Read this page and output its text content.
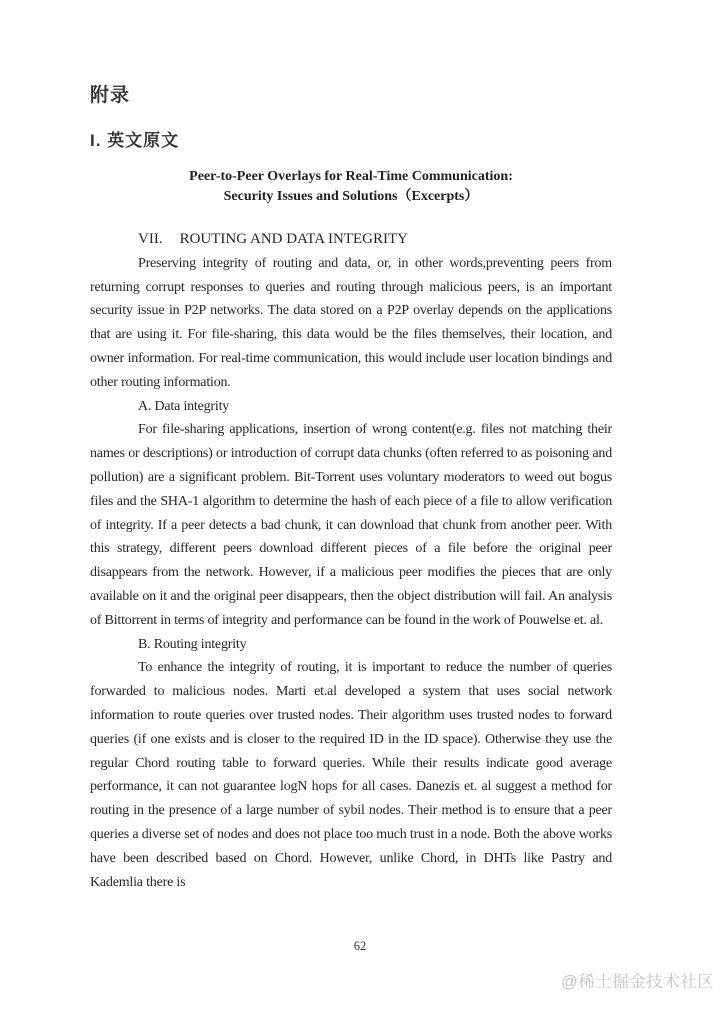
附录
I. 英文原文
Peer-to-Peer Overlays for Real-Time Communication:
Security Issues and Solutions（Excerpts）
VII. ROUTING AND DATA INTEGRITY

Preserving integrity of routing and data, or, in other words,preventing peers from returning corrupt responses to queries and routing through malicious peers, is an important security issue in P2P networks. The data stored on a P2P overlay depends on the applications that are using it. For file-sharing, this data would be the files themselves, their location, and owner information. For real-time communication, this would include user location bindings and other routing information.

A. Data integrity

For file-sharing applications, insertion of wrong content(e.g. files not matching their names or descriptions) or introduction of corrupt data chunks (often referred to as poisoning and pollution) are a significant problem. Bit-Torrent uses voluntary moderators to weed out bogus files and the SHA-1 algorithm to determine the hash of each piece of a file to allow verification of integrity. If a peer detects a bad chunk, it can download that chunk from another peer. With this strategy, different peers download different pieces of a file before the original peer disappears from the network. However, if a malicious peer modifies the pieces that are only available on it and the original peer disappears, then the object distribution will fail. An analysis of Bittorrent in terms of integrity and performance can be found in the work of Pouwelse et. al.

B. Routing integrity

To enhance the integrity of routing, it is important to reduce the number of queries forwarded to malicious nodes. Marti et.al developed a system that uses social network information to route queries over trusted nodes. Their algorithm uses trusted nodes to forward queries (if one exists and is closer to the required ID in the ID space). Otherwise they use the regular Chord routing table to forward queries. While their results indicate good average performance, it can not guarantee logN hops for all cases. Danezis et. al suggest a method for routing in the presence of a large number of sybil nodes. Their method is to ensure that a peer queries a diverse set of nodes and does not place too much trust in a node. Both the above works have been described based on Chord. However, unlike Chord, in DHTs like Pastry and Kademlia there is

62
@稀土掘金技术社区
